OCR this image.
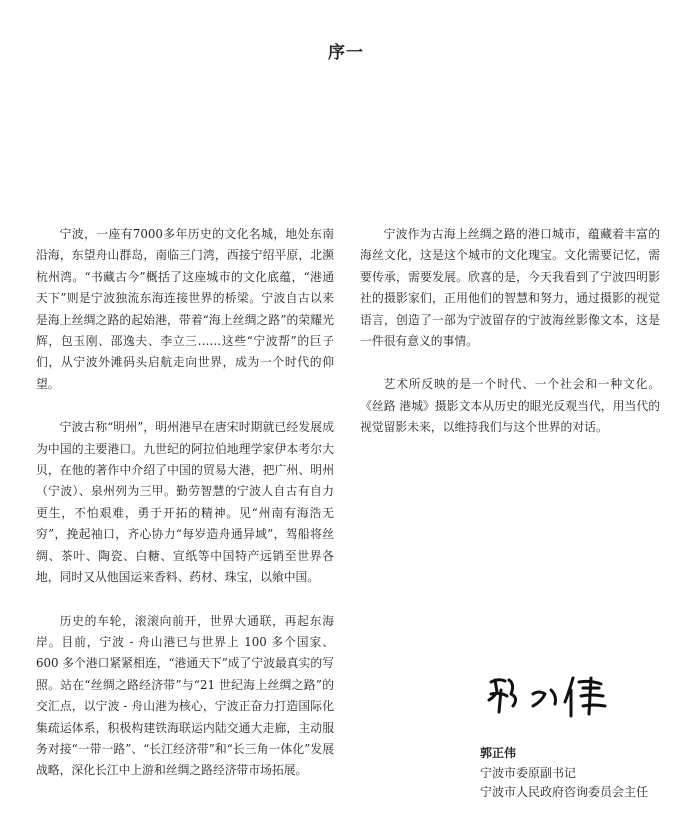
序一

宁波，一座有7000多年历史的文化名城，地处东南沿海，东望舟山群岛，南临三门湾，西接宁绍平原，北濒杭州湾。“书藏古今”概括了这座城市的文化底蕴，“港通天下”则是宁波独流东海连接世界的桥梁。宁波自古以来是海上丝绸之路的起始港，带着“海上丝绸之路”的荣耀光辉，包玉刚、邵逸夫、李立三……这些“宁波帮”的巨子们，从宁波外滩码头启航走向世界，成为一个时代的仰望。

宁波古称“明州”，明州港早在唐宋时期就已经发展成为中国的主要港口。九世纪的阿拉伯地理学家伊本考尔大贝，在他的著作中介绍了中国的贸易大港，把广州、明州（宁波）、泉州列为三甲。勤劳智慧的宁波人自古有自力更生，不怕艰难，勇于开拓的精神。见“州南有海浩无穷”，挽起袖口，齐心协力“每岁造舟通异域”，驾船将丝绸、茶叶、陶瓷、白糖、宣纸等中国特产远销至世界各地，同时又从他国运来香料、药材、珠宝，以飨中国。

历史的车轮，滚滚向前开，世界大通联，再起东海岸。目前，宁波 - 舟山港已与世界上 100 多个国家、600 多个港口紧紧相连，“港通天下”成了宁波最真实的写照。站在“丝绸之路经济带”与“21 世纪海上丝绸之路”的交汇点，以宁波 - 舟山港为核心，宁波正奋力打造国际化集疏运体系，积极构建铁海联运内陆交通大走廊，主动服务对接“一带一路”、“长江经济带”和“长三角一体化”发展战略，深化长江中上游和丝绸之路经济带市场拓展。

宁波作为古海上丝绸之路的港口城市，蕴藏着丰富的海丝文化，这是这个城市的文化瑰宝。文化需要记忆，需要传承，需要发展。欣喜的是，今天我看到了宁波四明影社的摄影家们，正用他们的智慧和努力，通过摄影的视觉语言，创造了一部为宁波留存的宁波海丝影像文本，这是一件很有意义的事情。

艺术所反映的是一个时代、一个社会和一种文化。《丝路 港城》摄影文本从历史的眼光反观当代，用当代的视觉留影未来，以维持我们与这个世界的对话。

郭正伟

宁波市委原副书记

宁波市人民政府咨询委员会主任
